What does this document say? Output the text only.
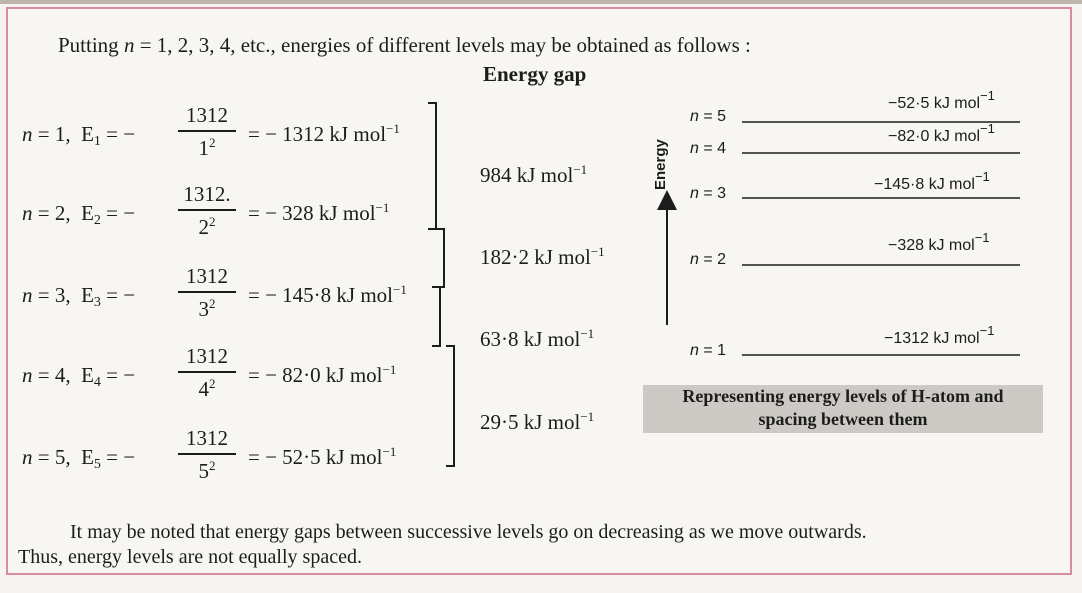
Putting n = 1, 2, 3, 4, etc., energies of different levels may be obtained as follows :
Energy gap
n = 1, $E_1$ = −
1312
$1^2$	= − 1312 kJ mol$^{-1}$
n = 2, $E_2$ = −
1312.
$2^2$	= − 328 kJ mol$^{-1}$
n = 3, $E_3$ = −
1312
$3^2$	= − 145·8 kJ mol$^{-1}$
n = 4, $E_4$ = −
1312
$4^2$	= − 82·0 kJ mol$^{-1}$
n = 5, $E_5$ = −
1312
$5^2$	= − 52·5 kJ mol$^{-1}$
984 kJ mol$^{-1}$
182·2 kJ mol$^{-1}$
63·8 kJ mol$^{-1}$
29·5 kJ mol$^{-1}$
Energy
n = 5
n = 4
n = 3
n = 2
n = 1
−52·5 kJ mol$^{-1}$
−82·0 kJ mol$^{-1}$
−145·8 kJ mol$^{-1}$
−328 kJ mol$^{-1}$
−1312 kJ mol$^{-1}$
Representing energy levels of H-atom and
spacing between them
It may be noted that energy gaps between successive levels go on decreasing as we move outwards.
Thus, energy levels are not equally spaced.
